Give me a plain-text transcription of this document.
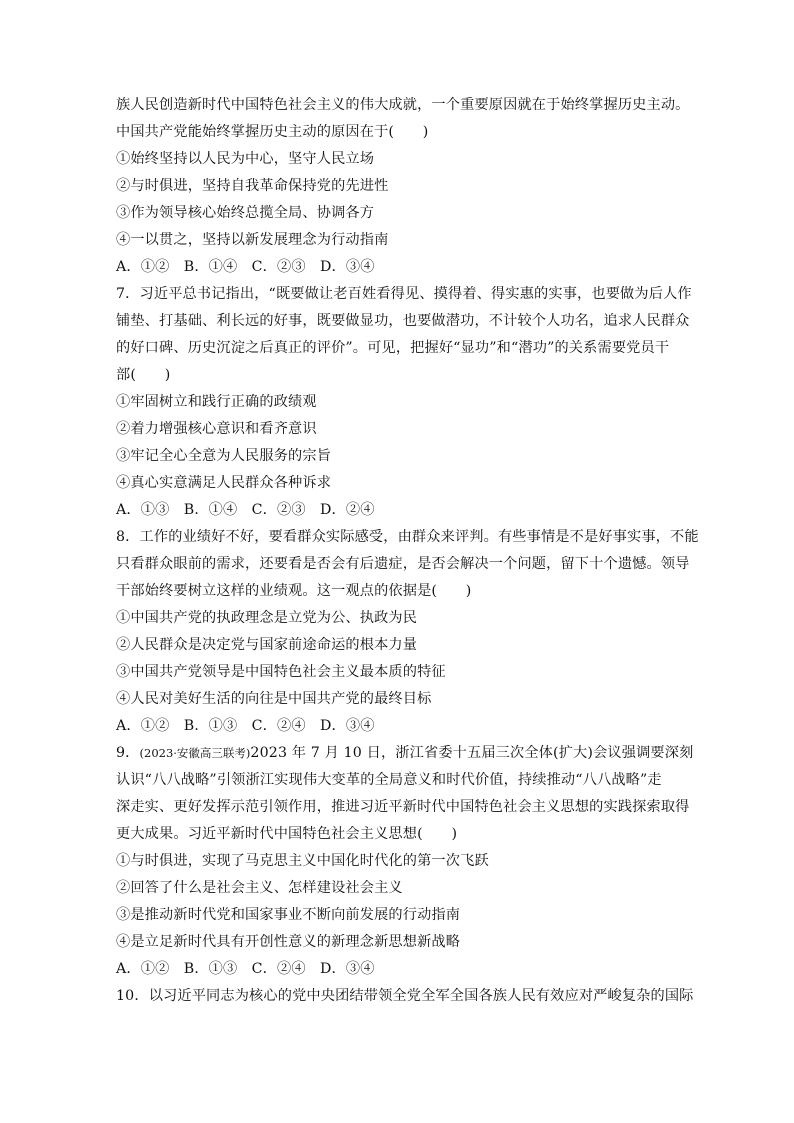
族人民创造新时代中国特色社会主义的伟大成就，一个重要原因就在于始终掌握历史主动。
中国共产党能始终掌握历史主动的原因在于(　　)
①始终坚持以人民为中心，坚守人民立场
②与时俱进，坚持自我革命保持党的先进性
③作为领导核心始终总揽全局、协调各方
④一以贯之，坚持以新发展理念为行动指南
A．①②　B．①④　C．②③　D．③④
7．习近平总书记指出，“既要做让老百姓看得见、摸得着、得实惠的实事，也要做为后人作
铺垫、打基础、利长远的好事，既要做显功，也要做潜功，不计较个人功名，追求人民群众
的好口碑、历史沉淀之后真正的评价”。可见，把握好“显功”和“潜功”的关系需要党员干
部(　　)
①牢固树立和践行正确的政绩观
②着力增强核心意识和看齐意识
③牢记全心全意为人民服务的宗旨
④真心实意满足人民群众各种诉求
A．①③　B．①④　C．②③　D．②④
8．工作的业绩好不好，要看群众实际感受，由群众来评判。有些事情是不是好事实事，不能
只看群众眼前的需求，还要看是否会有后遗症，是否会解决一个问题，留下十个遗憾。领导
干部始终要树立这样的业绩观。这一观点的依据是(　　)
①中国共产党的执政理念是立党为公、执政为民
②人民群众是决定党与国家前途命运的根本力量
③中国共产党领导是中国特色社会主义最本质的特征
④人民对美好生活的向往是中国共产党的最终目标
A．①②　B．①③　C．②④　D．③④
9．(2023·安徽高三联考)2023 年 7 月 10 日，浙江省委十五届三次全体(扩大)会议强调要深刻
认识“八八战略”引领浙江实现伟大变革的全局意义和时代价值，持续推动“八八战略”走
深走实、更好发挥示范引领作用，推进习近平新时代中国特色社会主义思想的实践探索取得
更大成果。习近平新时代中国特色社会主义思想(　　)
①与时俱进，实现了马克思主义中国化时代化的第一次飞跃
②回答了什么是社会主义、怎样建设社会主义
③是推动新时代党和国家事业不断向前发展的行动指南
④是立足新时代具有开创性意义的新理念新思想新战略
A．①②　B．①③　C．②④　D．③④
10．以习近平同志为核心的党中央团结带领全党全军全国各族人民有效应对严峻复杂的国际
